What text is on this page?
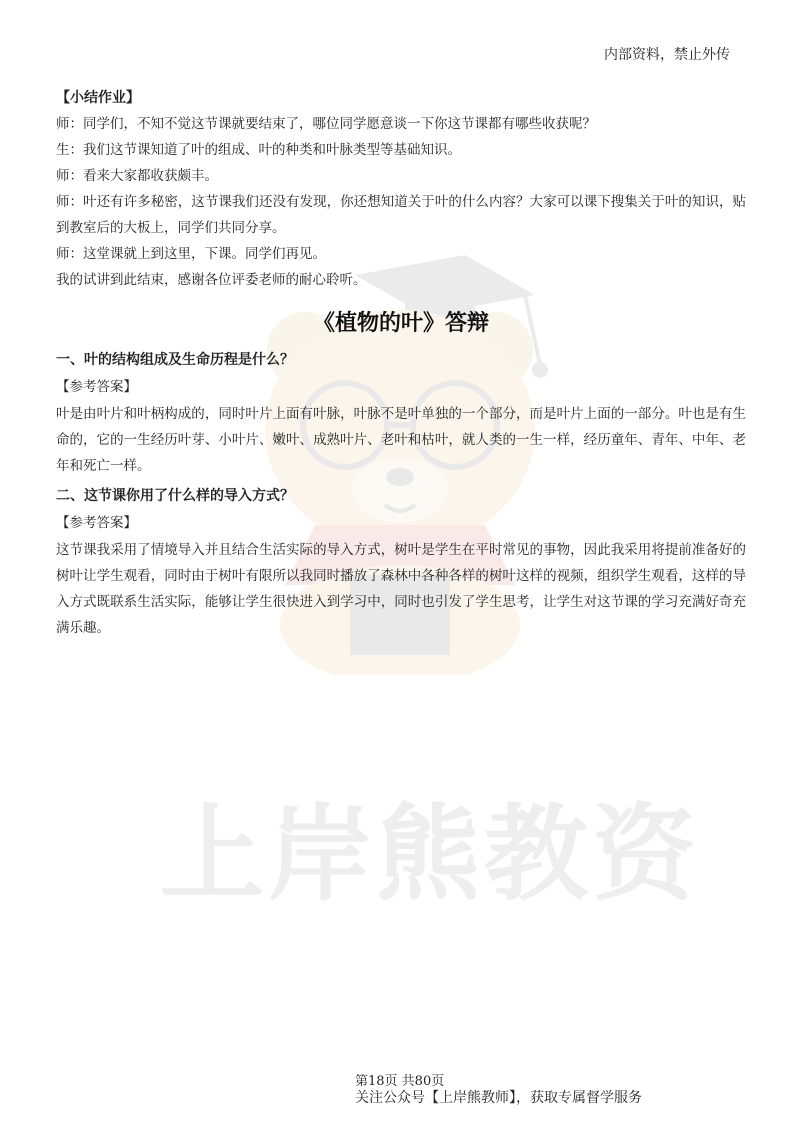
上岸熊教资
内部资料，禁止外传

【小结作业】

师：同学们，不知不觉这节课就要结束了，哪位同学愿意谈一下你这节课都有哪些收获呢？

生：我们这节课知道了叶的组成、叶的种类和叶脉类型等基础知识。

师：看来大家都收获颇丰。

师：叶还有许多秘密，这节课我们还没有发现，你还想知道关于叶的什么内容？大家可以课下搜集关于叶的知识，贴到教室后的大板上，同学们共同分享。

师：这堂课就上到这里，下课。同学们再见。

我的试讲到此结束，感谢各位评委老师的耐心聆听。

《植物的叶》答辩

一、叶的结构组成及生命历程是什么？

【参考答案】

叶是由叶片和叶柄构成的，同时叶片上面有叶脉，叶脉不是叶单独的一个部分，而是叶片上面的一部分。叶也是有生命的，它的一生经历叶芽、小叶片、嫩叶、成熟叶片、老叶和枯叶，就人类的一生一样，经历童年、青年、中年、老年和死亡一样。

二、这节课你用了什么样的导入方式？

【参考答案】

这节课我采用了情境导入并且结合生活实际的导入方式，树叶是学生在平时常见的事物，因此我采用将提前准备好的树叶让学生观看，同时由于树叶有限所以我同时播放了森林中各种各样的树叶这样的视频，组织学生观看，这样的导入方式既联系生活实际，能够让学生很快进入到学习中，同时也引发了学生思考，让学生对这节课的学习充满好奇充满乐趣。

第18页 共80页
关注公众号【上岸熊教师】，获取专属督学服务
